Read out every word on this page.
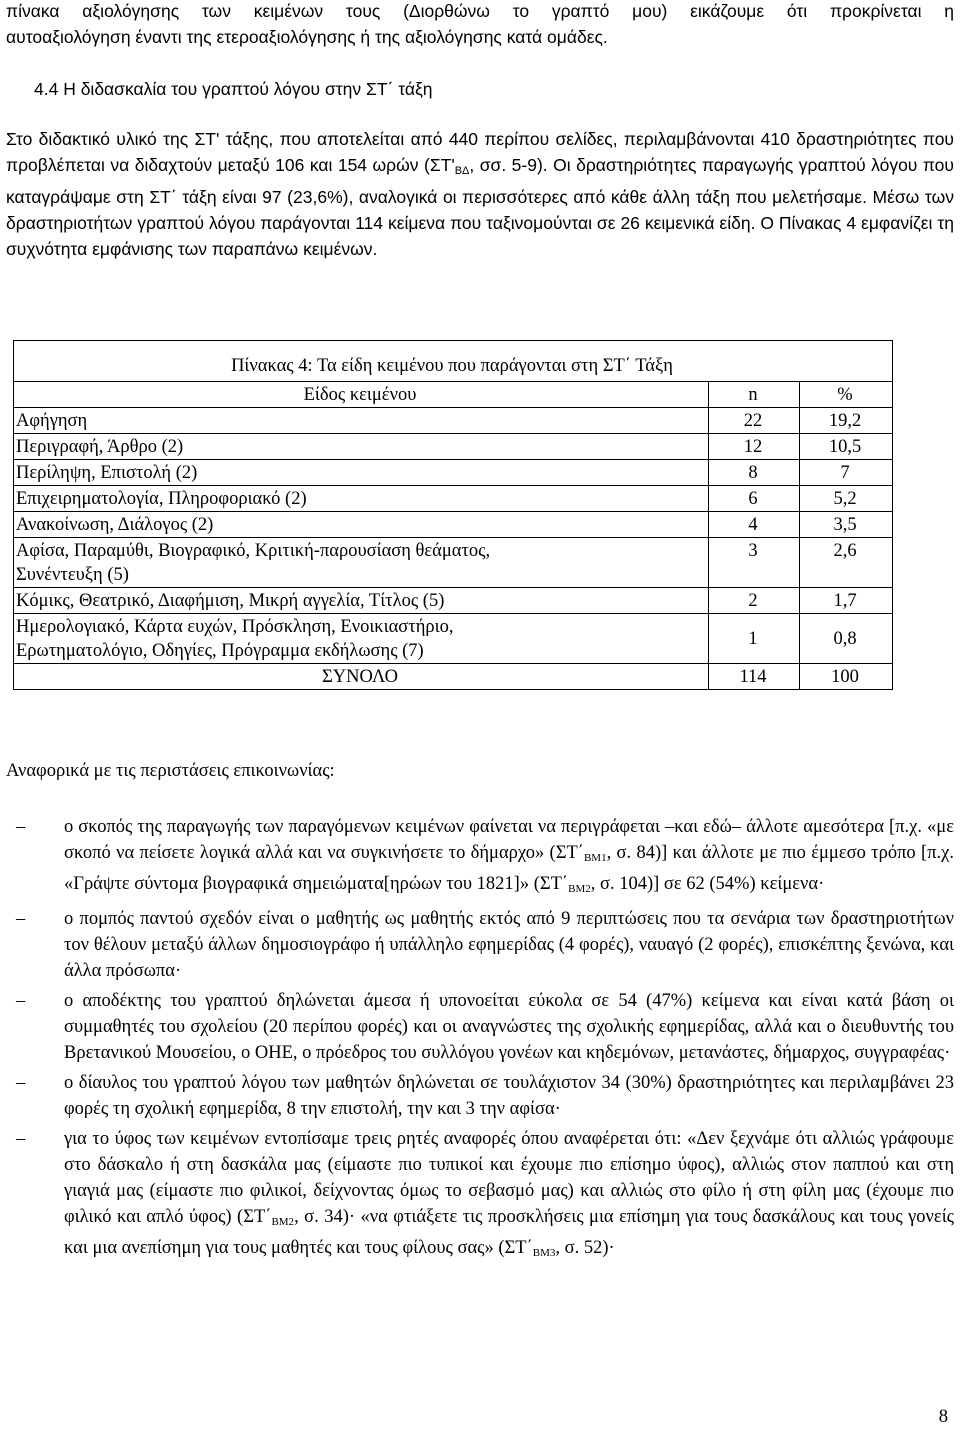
πίνακα αξιολόγησης των κειμένων τους (Διορθώνω το γραπτό μου) εικάζουμε ότι προκρίνεται η

αυτοαξιολόγηση έναντι της ετεροαξιολόγησης ή της αξιολόγησης κατά ομάδες.

4.4 Η διδασκαλία του γραπτού λόγου στην ΣΤ΄ τάξη
Στο διδακτικό υλικό της ΣΤ' τάξης, που αποτελείται από 440 περίπου σελίδες, περιλαμβάνονται 410 δραστηριότητες που προβλέπεται να διδαχτούν μεταξύ 106 και 154 ωρών ($\Sigma T'_{B\Delta}$, σσ. 5-9). Οι δραστηριότητες παραγωγής γραπτού λόγου που καταγράψαμε στη ΣΤ΄ τάξη είναι 97 (23,6%), αναλογικά οι περισσότερες από κάθε άλλη τάξη που μελετήσαμε. Μέσω των δραστηριοτήτων γραπτού λόγου παράγονται 114 κείμενα που ταξινομούνται σε 26 κειμενικά είδη. Ο Πίνακας 4 εμφανίζει τη συχνότητα εμφάνισης των παραπάνω κειμένων.
Πίνακας 4: Τα είδη κειμένου που παράγονται στη ΣΤ΄ Τάξη		
Είδος κειμένου	n	%
Αφήγηση	22	19,2
Περιγραφή, Άρθρο (2)	12	10,5
Περίληψη, Επιστολή (2)	8	7
Επιχειρηματολογία, Πληροφοριακό (2)	6	5,2
Ανακοίνωση, Διάλογος (2)	4	3,5
Αφίσα, Παραμύθι, Βιογραφικό, Κριτική-παρουσίαση θεάματος, Συνέντευξη (5)	3	2,6
Κόμικς, Θεατρικό, Διαφήμιση, Μικρή αγγελία, Τίτλος (5)	2	1,7
Ημερολογιακό, Κάρτα ευχών, Πρόσκληση, Ενοικιαστήριο, Ερωτηματολόγιο, Οδηγίες, Πρόγραμμα εκδήλωσης (7)	1	0,8
ΣΥΝΟΛΟ	114	100
Αναφορικά με τις περιστάσεις επικοινωνίας:
– ο σκοπός της παραγωγής των παραγόμενων κειμένων φαίνεται να περιγράφεται –και εδώ– άλλοτε αμεσότερα [π.χ. «με σκοπό να πείσετε λογικά αλλά και να συγκινήσετε το δήμαρχο» ($\Sigma T΄_{BM1}$, σ. 84)] και άλλοτε με πιο έμμεσο τρόπο [π.χ. «Γράψτε σύντομα βιογραφικά σημειώματα[ηρώων του 1821]» ($\Sigma T΄_{BM2}$, σ. 104)] σε 62 (54%) κείμενα·
– ο πομπός παντού σχεδόν είναι ο μαθητής ως μαθητής εκτός από 9 περιπτώσεις που τα σενάρια των δραστηριοτήτων τον θέλουν μεταξύ άλλων δημοσιογράφο ή υπάλληλο εφημερίδας (4 φορές), ναυαγό (2 φορές), επισκέπτης ξενώνα, και άλλα πρόσωπα·
– ο αποδέκτης του γραπτού δηλώνεται άμεσα ή υπονοείται εύκολα σε 54 (47%) κείμενα και είναι κατά βάση οι συμμαθητές του σχολείου (20 περίπου φορές) και οι αναγνώστες της σχολικής εφημερίδας, αλλά και ο διευθυντής του Βρετανικού Μουσείου, ο ΟΗΕ, ο πρόεδρος του συλλόγου γονέων και κηδεμόνων, μετανάστες, δήμαρχος, συγγραφέας·
– ο δίαυλος του γραπτού λόγου των μαθητών δηλώνεται σε τουλάχιστον 34 (30%) δραστηριότητες και περιλαμβάνει 23 φορές τη σχολική εφημερίδα, 8 την επιστολή, την και 3 την αφίσα·
– για το ύφος των κειμένων εντοπίσαμε τρεις ρητές αναφορές όπου αναφέρεται ότι: «Δεν ξεχνάμε ότι αλλιώς γράφουμε στο δάσκαλο ή στη δασκάλα μας (είμαστε πιο τυπικοί και έχουμε πιο επίσημο ύφος), αλλιώς στον παππού και στη γιαγιά μας (είμαστε πιο φιλικοί, δείχνοντας όμως το σεβασμό μας) και αλλιώς στο φίλο ή στη φίλη μας (έχουμε πιο φιλικό και απλό ύφος) ($\Sigma T΄_{BM2}$, σ. 34)· «να φτιάξετε τις προσκλήσεις μια επίσημη για τους δασκάλους και τους γονείς και μια ανεπίσημη για τους μαθητές και τους φίλους σας» ($\Sigma T΄_{BM3}$, σ. 52)·
8
